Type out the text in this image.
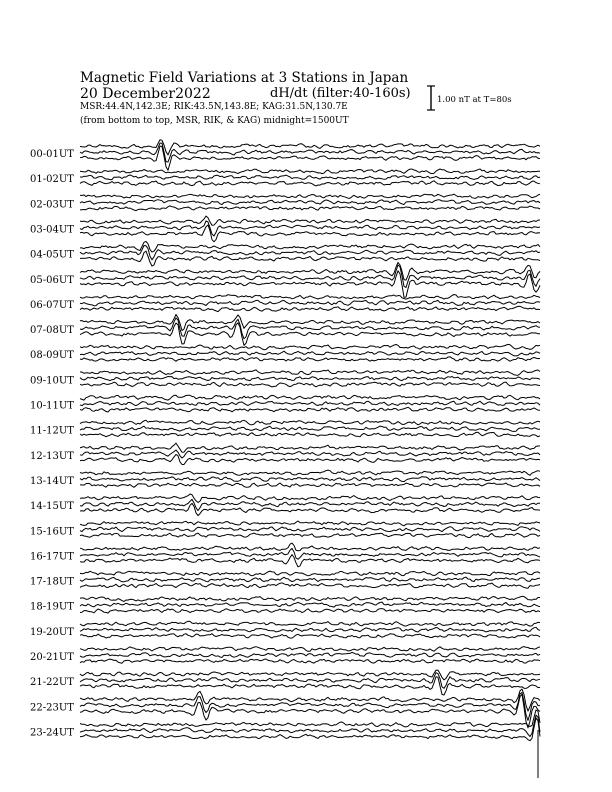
Magnetic Field Variations at 3 Stations in Japan
20 December2022	dH/dt (filter:40-160s)
MSR:44.4N,142.3E; RIK:43.5N,143.8E; KAG:31.5N,130.7E
(from bottom to top, MSR, RIK, & KAG) midnight=1500UT
1.00 nT at T=80s
00-01UT
01-02UT
02-03UT
03-04UT
04-05UT
05-06UT
06-07UT
07-08UT
08-09UT
09-10UT
10-11UT
11-12UT
12-13UT
13-14UT
14-15UT
15-16UT
16-17UT
17-18UT
18-19UT
19-20UT
20-21UT
21-22UT
22-23UT
23-24UT
